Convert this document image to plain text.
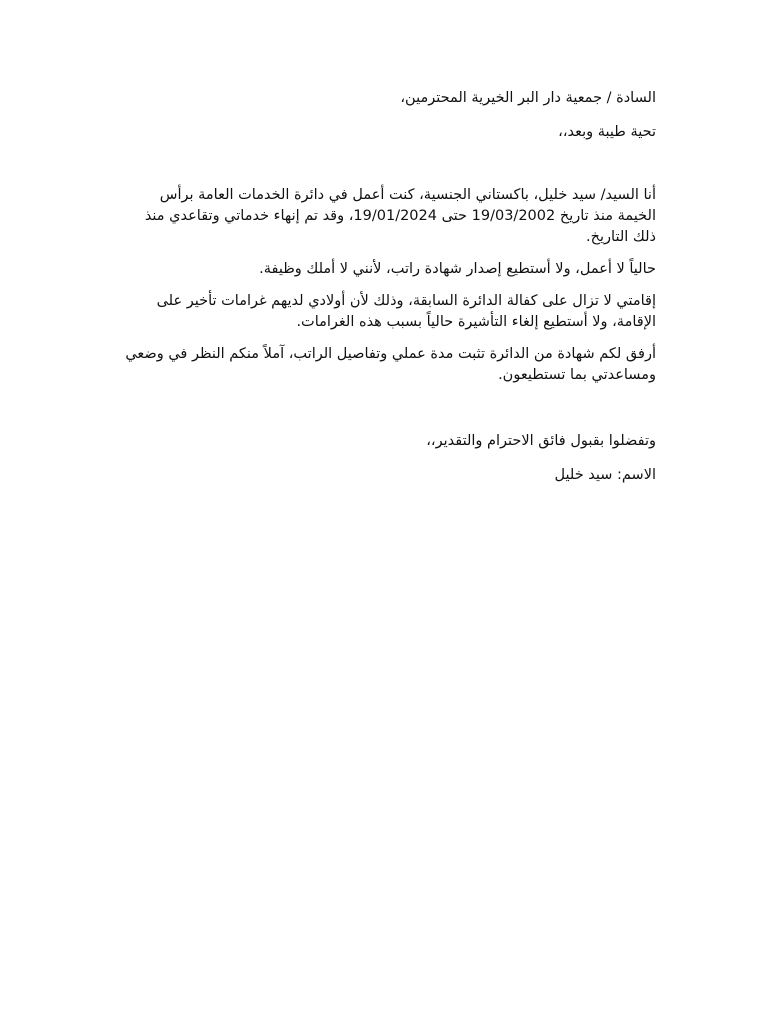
السادة / جمعية دار البر الخيرية المحترمين،

تحية طيبة وبعد،،

أنا السيد/ سيد خليل، باكستاني الجنسية، كنت أعمل في دائرة الخدمات العامة برأس الخيمة منذ تاريخ 19/03/2002 حتى 19/01/2024، وقد تم إنهاء خدماتي وتقاعدي منذ ذلك التاريخ.

حالياً لا أعمل، ولا أستطيع إصدار شهادة راتب، لأنني لا أملك وظيفة.

إقامتي لا تزال على كفالة الدائرة السابقة، وذلك لأن أولادي لديهم غرامات تأخير على الإقامة، ولا أستطيع إلغاء التأشيرة حالياً بسبب هذه الغرامات.

أرفق لكم شهادة من الدائرة تثبت مدة عملي وتفاصيل الراتب، آملاً منكم النظر في وضعي ومساعدتي بما تستطيعون.

وتفضلوا بقبول فائق الاحترام والتقدير،،

الاسم: سيد خليل
